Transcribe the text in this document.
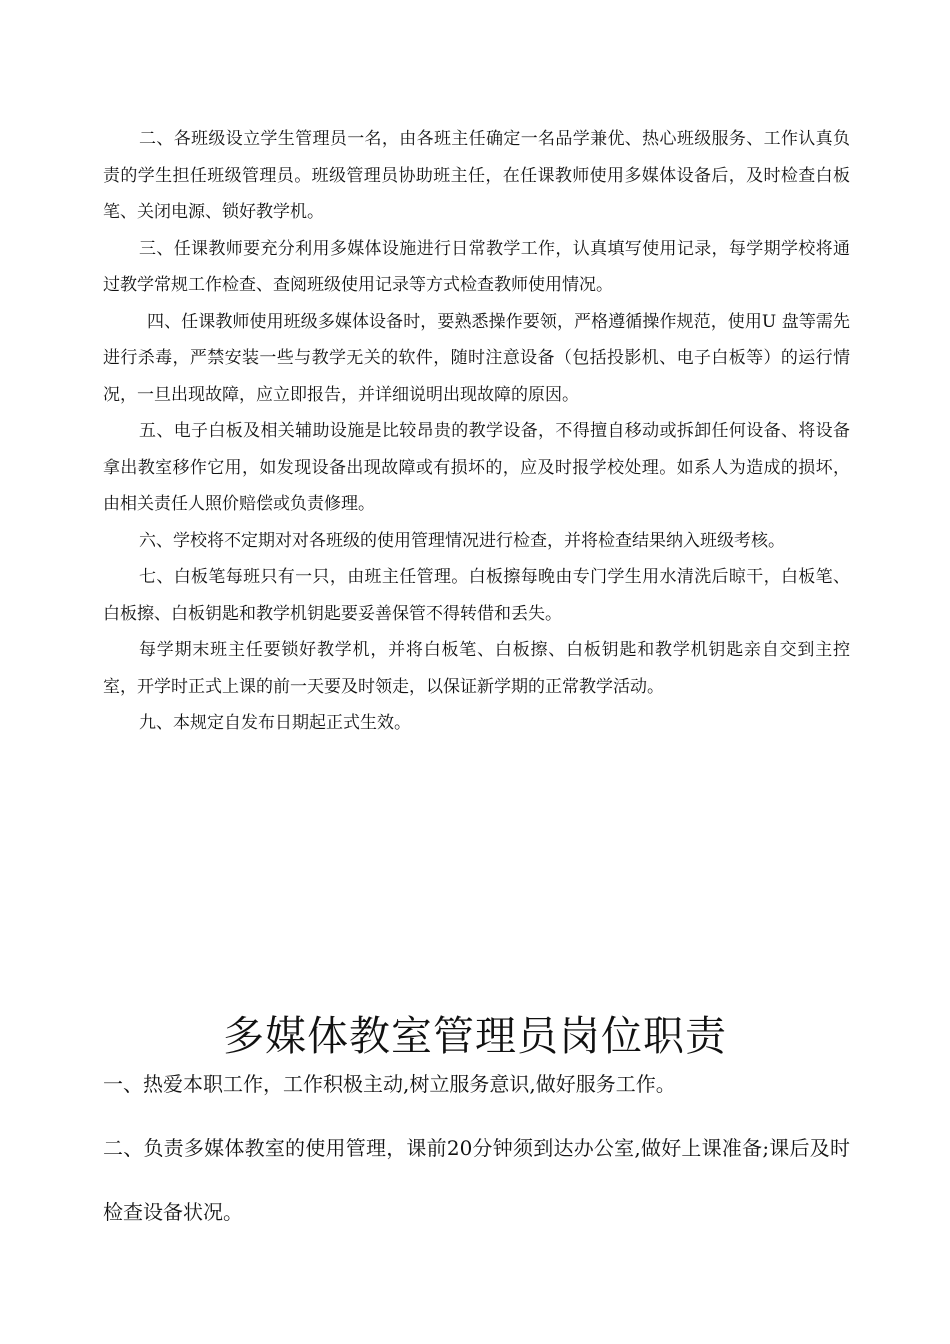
二、各班级设立学生管理员一名，由各班主任确定一名品学兼优、热心班级服务、工作认真负责的学生担任班级管理员。班级管理员协助班主任，在任课教师使用多媒体设备后，及时检查白板笔、关闭电源、锁好教学机。

三、任课教师要充分利用多媒体设施进行日常教学工作，认真填写使用记录，每学期学校将通过教学常规工作检查、查阅班级使用记录等方式检查教师使用情况。

四、任课教师使用班级多媒体设备时，要熟悉操作要领，严格遵循操作规范，使用U 盘等需先进行杀毒，严禁安装一些与教学无关的软件，随时注意设备（包括投影机、电子白板等）的运行情况，一旦出现故障，应立即报告，并详细说明出现故障的原因。

五、电子白板及相关辅助设施是比较昂贵的教学设备，不得擅自移动或拆卸任何设备、将设备拿出教室移作它用，如发现设备出现故障或有损坏的，应及时报学校处理。如系人为造成的损坏，由相关责任人照价赔偿或负责修理。

六、学校将不定期对对各班级的使用管理情况进行检查，并将检查结果纳入班级考核。

七、白板笔每班只有一只，由班主任管理。白板擦每晚由专门学生用水清洗后晾干，白板笔、白板擦、白板钥匙和教学机钥匙要妥善保管不得转借和丢失。

每学期末班主任要锁好教学机，并将白板笔、白板擦、白板钥匙和教学机钥匙亲自交到主控室，开学时正式上课的前一天要及时领走，以保证新学期的正常教学活动。

九、本规定自发布日期起正式生效。

多媒体教室管理员岗位职责

一、热爱本职工作，工作积极主动,树立服务意识,做好服务工作。

二、负责多媒体教室的使用管理，课前20分钟须到达办公室,做好上课准备;课后及时检查设备状况。
